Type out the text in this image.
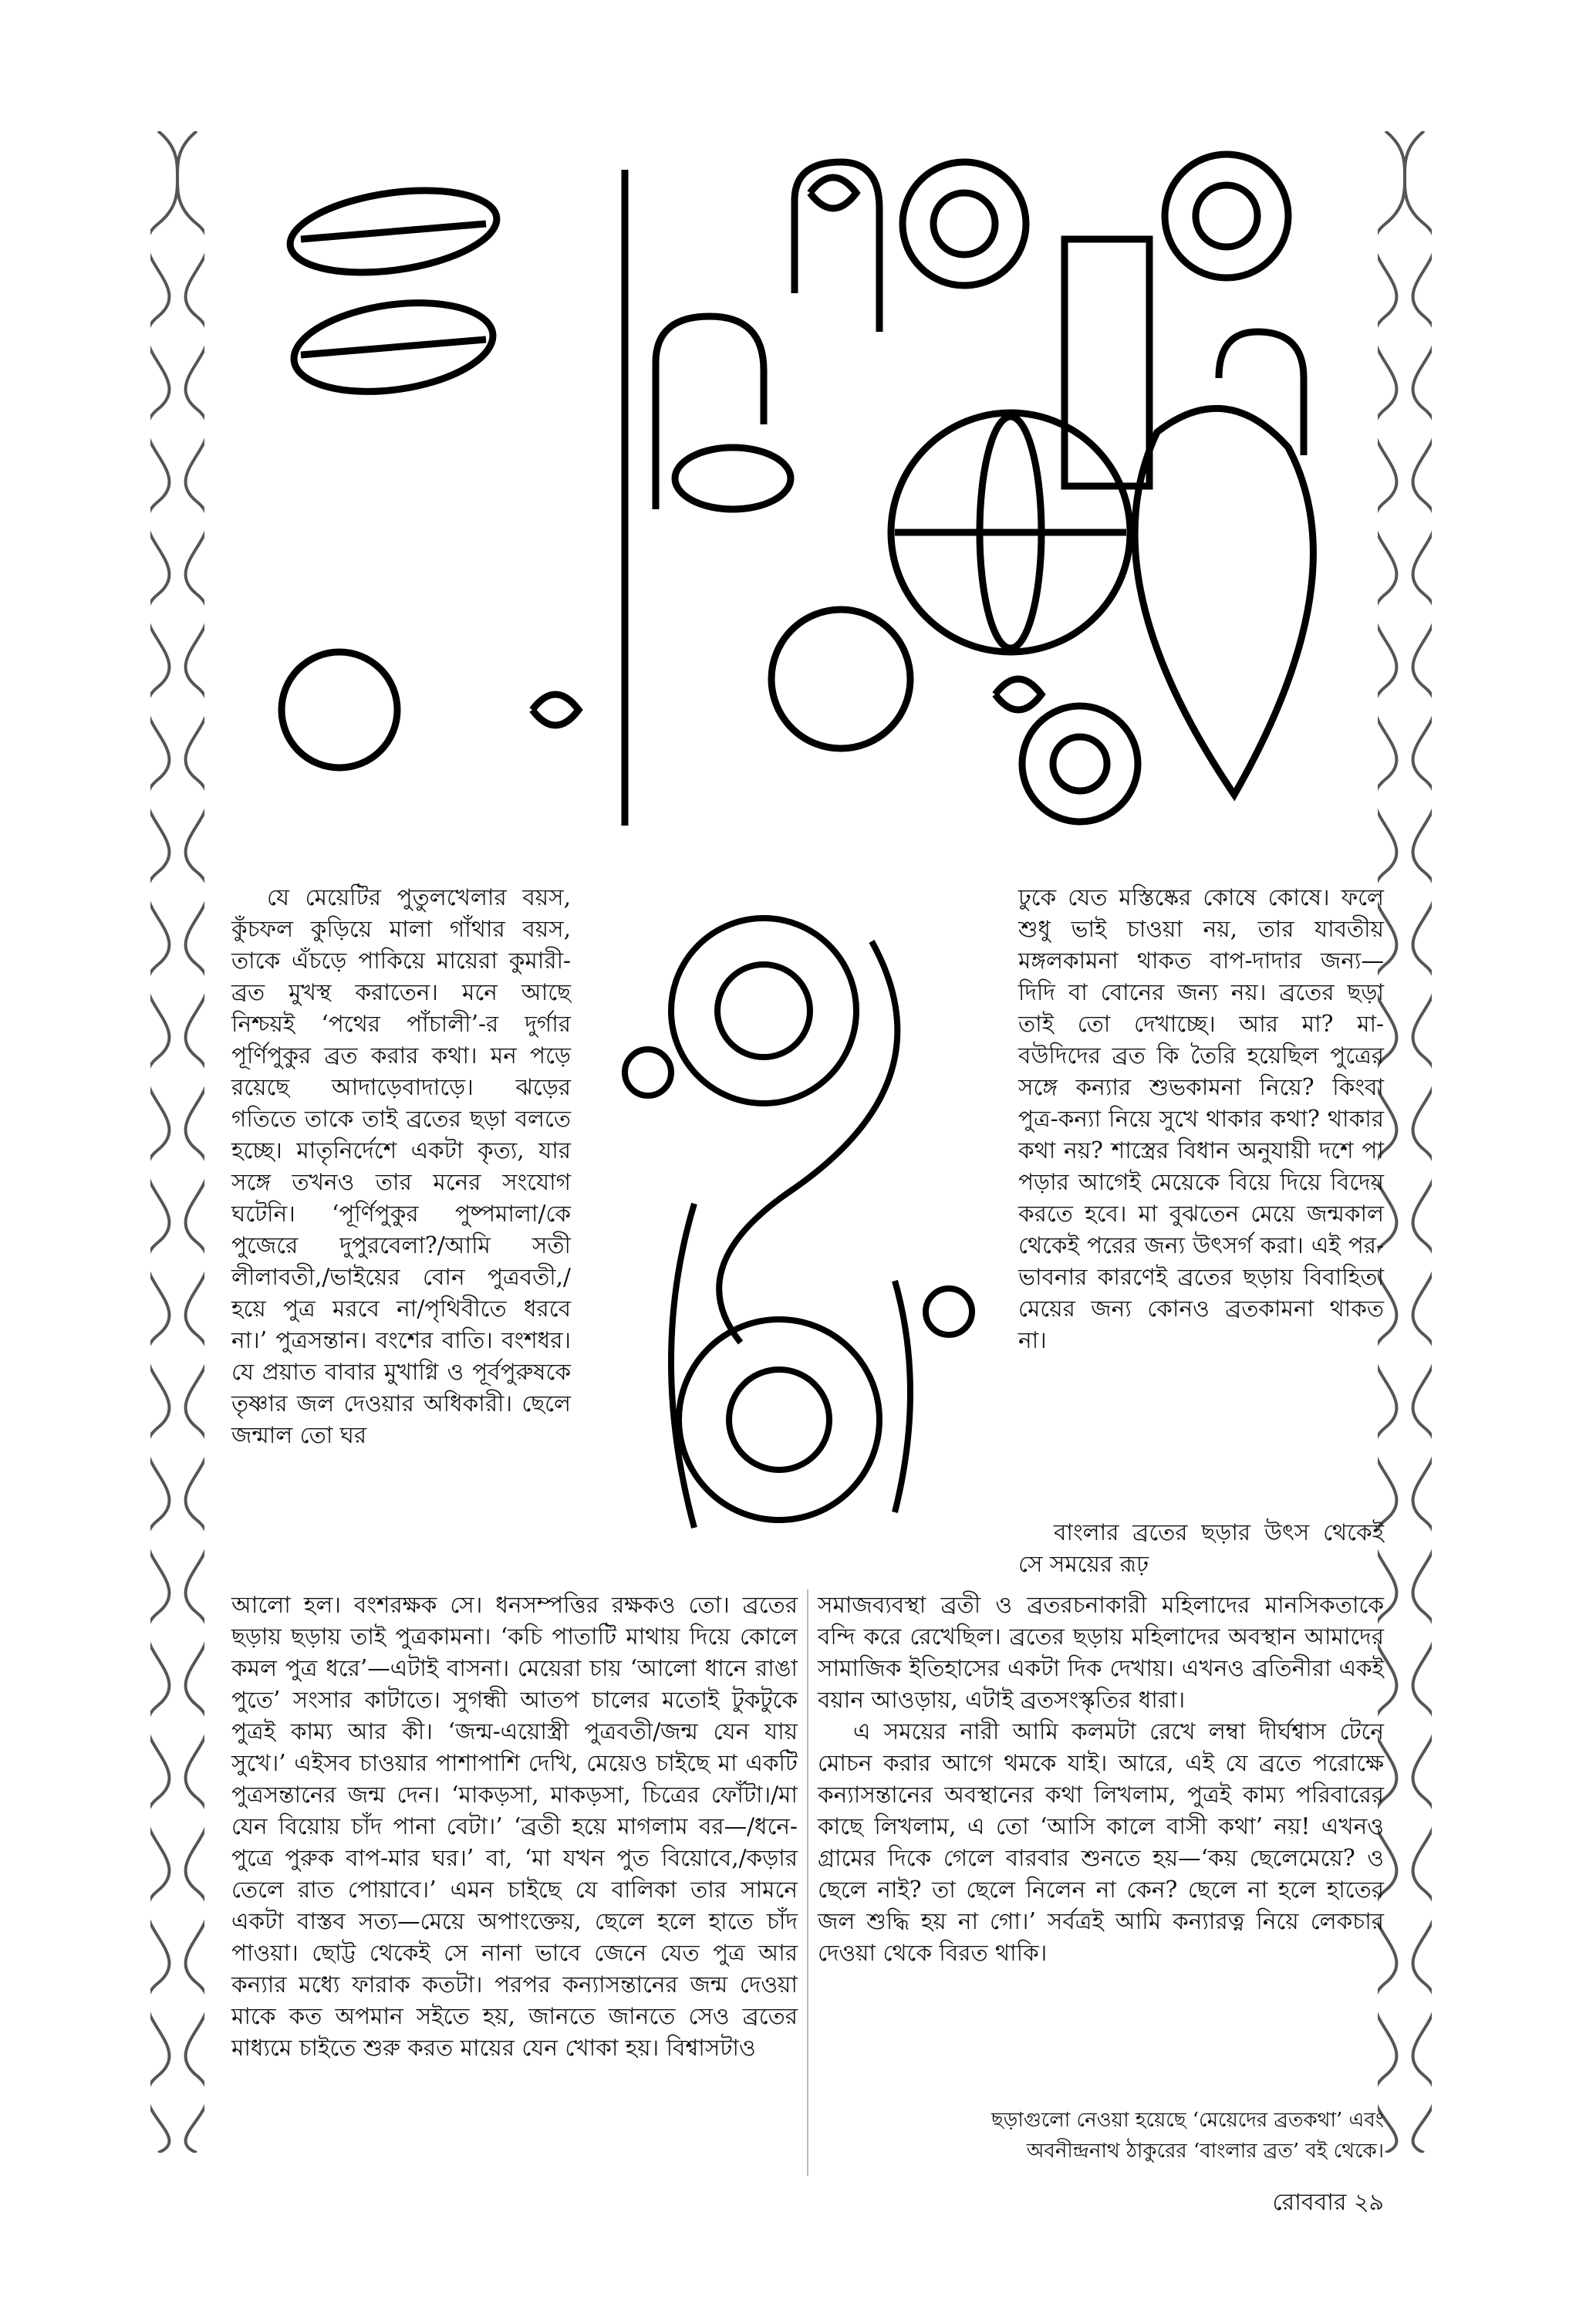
যে মেয়েটির পুতুলখেলার বয়স, কুঁচফল কুড়িয়ে মালা গাঁথার বয়স, তাকে এঁচড়ে পাকিয়ে মায়েরা কুমারী-ব্রত মুখস্থ করাতেন। মনে আছে নিশ্চয়ই ‘পথের পাঁচালী’-র দুর্গার পূর্ণিপুকুর ব্রত করার কথা। মন পড়ে রয়েছে আদাড়েবাদাড়ে। ঝড়ের গতিতে তাকে তাই ব্রতের ছড়া বলতে হচ্ছে। মাতৃনির্দেশে একটা কৃত্য, যার সঙ্গে তখনও তার মনের সংযোগ ঘটেনি। ‘পূর্ণিপুকুর পুষ্পমালা/কে পুজেরে দুপুরবেলা?/আমি সতী লীলাবতী,/ভাইয়ের বোন পুত্রবতী,/হয়ে পুত্র মরবে না/পৃথিবীতে ধরবে না।’ পুত্রসন্তান। বংশের বাতি। বংশধর। যে প্রয়াত বাবার মুখাগ্নি ও পূর্বপুরুষকে তৃষ্ণার জল দেওয়ার অধিকারী। ছেলে জন্মাল তো ঘর

ঢুকে যেত মস্তিষ্কের কোষে কোষে। ফলে শুধু ভাই চাওয়া নয়, তার যাবতীয় মঙ্গলকামনা থাকত বাপ-দাদার জন্য—দিদি বা বোনের জন্য নয়। ব্রতের ছড়া তাই তো দেখাচ্ছে। আর মা? মা-বউদিদের ব্রত কি তৈরি হয়েছিল পুত্রের সঙ্গে কন্যার শুভকামনা নিয়ে? কিংবা পুত্র-কন্যা নিয়ে সুখে থাকার কথা? থাকার কথা নয়? শাস্ত্রের বিধান অনুযায়ী দশে পা পড়ার আগেই মেয়েকে বিয়ে দিয়ে বিদেয় করতে হবে। মা বুঝতেন মেয়ে জন্মকাল থেকেই পরের জন্য উৎসর্গ করা। এই পর-ভাবনার কারণেই ব্রতের ছড়ায় বিবাহিতা মেয়ের জন্য কোনও ব্রতকামনা থাকত না।

বাংলার ব্রতের ছড়ার উৎস থেকেই সে সময়ের রূঢ়

আলো হল। বংশরক্ষক সে। ধনসম্পত্তির রক্ষকও তো। ব্রতের ছড়ায় ছড়ায় তাই পুত্রকামনা। ‘কচি পাতাটি মাথায় দিয়ে কোলে কমল পুত্র ধরে’—এটাই বাসনা। মেয়েরা চায় ‘আলো ধানে রাঙা পুতে’ সংসার কাটাতে। সুগন্ধী আতপ চালের মতোই টুকটুকে পুত্রই কাম্য আর কী। ‘জন্ম-এয়োস্ত্রী পুত্রবতী/জন্ম যেন যায় সুখে।’ এইসব চাওয়ার পাশাপাশি দেখি, মেয়েও চাইছে মা একটি পুত্রসন্তানের জন্ম দেন। ‘মাকড়সা, মাকড়সা, চিত্রের ফোঁটা।/মা যেন বিয়োয় চাঁদ পানা বেটা।’ ‘ব্রতী হয়ে মাগলাম বর—/ধনে-পুত্রে পুরুক বাপ-মার ঘর।’ বা, ‘মা যখন পুত বিয়োবে,/কড়ার তেলে রাত পোয়াবে।’ এমন চাইছে যে বালিকা তার সামনে একটা বাস্তব সত্য—মেয়ে অপাংক্তেয়, ছেলে হলে হাতে চাঁদ পাওয়া। ছোট্ট থেকেই সে নানা ভাবে জেনে যেত পুত্র আর কন্যার মধ্যে ফারাক কতটা। পরপর কন্যাসন্তানের জন্ম দেওয়া মাকে কত অপমান সইতে হয়, জানতে জানতে সেও ব্রতের মাধ্যমে চাইতে শুরু করত মায়ের যেন খোকা হয়। বিশ্বাসটাও

সমাজব্যবস্থা ব্রতী ও ব্রতরচনাকারী মহিলাদের মানসিকতাকে বন্দি করে রেখেছিল। ব্রতের ছড়ায় মহিলাদের অবস্থান আমাদের সামাজিক ইতিহাসের একটা দিক দেখায়। এখনও ব্রতিনীরা একই বয়ান আওড়ায়, এটাই ব্রতসংস্কৃতির ধারা।

এ সময়ের নারী আমি কলমটা রেখে লম্বা দীর্ঘশ্বাস টেনে মোচন করার আগে থমকে যাই। আরে, এই যে ব্রতে পরোক্ষে কন্যাসন্তানের অবস্থানের কথা লিখলাম, পুত্রই কাম্য পরিবারের কাছে লিখলাম, এ তো ‘আসি কালে বাসী কথা’ নয়! এখনও গ্রামের দিকে গেলে বারবার শুনতে হয়—‘কয় ছেলেমেয়ে? ও ছেলে নাই? তা ছেলে নিলেন না কেন? ছেলে না হলে হাতের জল শুদ্ধি হয় না গো।’ সর্বত্রই আমি কন্যারত্ন নিয়ে লেকচার দেওয়া থেকে বিরত থাকি।

ছড়াগুলো নেওয়া হয়েছে ‘মেয়েদের ব্রতকথা’ এবং
অবনীন্দ্রনাথ ঠাকুরের ‘বাংলার ব্রত’ বই থেকে।
রোববার ২৯
